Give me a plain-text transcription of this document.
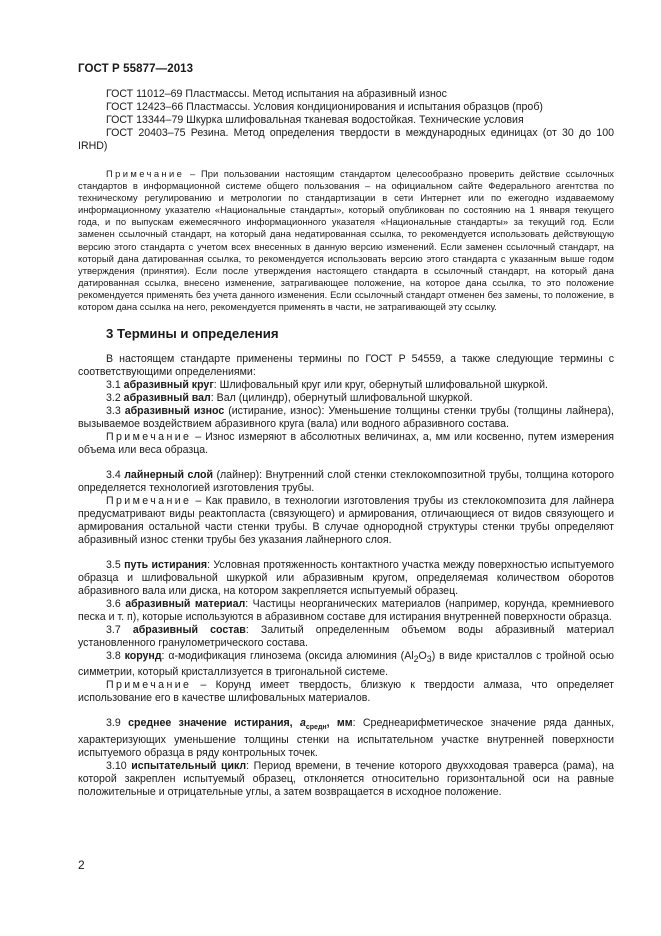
ГОСТ Р 55877—2013

ГОСТ 11012–69 Пластмассы. Метод испытания на абразивный износ

ГОСТ 12423–66 Пластмассы. Условия кондиционирования и испытания образцов (проб)

ГОСТ 13344–79 Шкурка шлифовальная тканевая водостойкая. Технические условия

ГОСТ 20403–75 Резина. Метод определения твердости в международных единицах (от 30 до 100 IRHD)

Примечание – При пользовании настоящим стандартом целесообразно проверить действие ссылочных стандартов в информационной системе общего пользования – на официальном сайте Федерального агентства по техническому регулированию и метрологии по стандартизации в сети Интернет или по ежегодно издаваемому информационному указателю «Национальные стандарты», который опубликован по состоянию на 1 января текущего года, и по выпускам ежемесячного информационного указателя «Национальные стандарты» за текущий год. Если заменен ссылочный стандарт, на который дана недатированная ссылка, то рекомендуется использовать действующую версию этого стандарта с учетом всех внесенных в данную версию изменений. Если заменен ссылочный стандарт, на который дана датированная ссылка, то рекомендуется использовать версию этого стандарта с указанным выше годом утверждения (принятия). Если после утверждения настоящего стандарта в ссылочный стандарт, на который дана датированная ссылка, внесено изменение, затрагивающее положение, на которое дана ссылка, то это положение рекомендуется применять без учета данного изменения. Если ссылочный стандарт отменен без замены, то положение, в котором дана ссылка на него, рекомендуется применять в части, не затрагивающей эту ссылку.

3 Термины и определения

В настоящем стандарте применены термины по ГОСТ Р 54559, а также следующие термины с соответствующими определениями:

3.1 абразивный круг: Шлифовальный круг или круг, обернутый шлифовальной шкуркой.

3.2 абразивный вал: Вал (цилиндр), обернутый шлифовальной шкуркой.

3.3 абразивный износ (истирание, износ): Уменьшение толщины стенки трубы (толщины лайнера), вызываемое воздействием абразивного круга (вала) или водного абразивного состава.

Примечание – Износ измеряют в абсолютных величинах, a, мм или косвенно, путем измерения объема или веса образца.

3.4 лайнерный слой (лайнер): Внутренний слой стенки стеклокомпозитной трубы, толщина которого определяется технологией изготовления трубы.

Примечание – Как правило, в технологии изготовления трубы из стеклокомпозита для лайнера предусматривают виды реактопласта (связующего) и армирования, отличающиеся от видов связующего и армирования остальной части стенки трубы. В случае однородной структуры стенки трубы определяют абразивный износ стенки трубы без указания лайнерного слоя.

3.5 путь истирания: Условная протяженность контактного участка между поверхностью испытуемого образца и шлифовальной шкуркой или абразивным кругом, определяемая количеством оборотов абразивного вала или диска, на котором закрепляется испытуемый образец.

3.6 абразивный материал: Частицы неорганических материалов (например, корунда, кремниевого песка и т. п), которые используются в абразивном составе для истирания внутренней поверхности образца.

3.7 абразивный состав: Залитый определенным объемом воды абразивный материал установленного гранулометрического состава.

3.8 корунд: α-модификация глинозема (оксида алюминия $(Al_2O_3)$ в виде кристаллов с тройной осью симметрии, который кристаллизуется в тригональной системе.

Примечание – Корунд имеет твердость, близкую к твердости алмаза, что определяет использование его в качестве шлифовальных материалов.

3.9 среднее значение истирания, $a_{средн}$, мм: Среднеарифметическое значение ряда данных, характеризующих уменьшение толщины стенки на испытательном участке внутренней поверхности испытуемого образца в ряду контрольных точек.

3.10 испытательный цикл: Период времени, в течение которого двухходовая траверса (рама), на которой закреплен испытуемый образец, отклоняется относительно горизонтальной оси на равные положительные и отрицательные углы, а затем возвращается в исходное положение.

2
